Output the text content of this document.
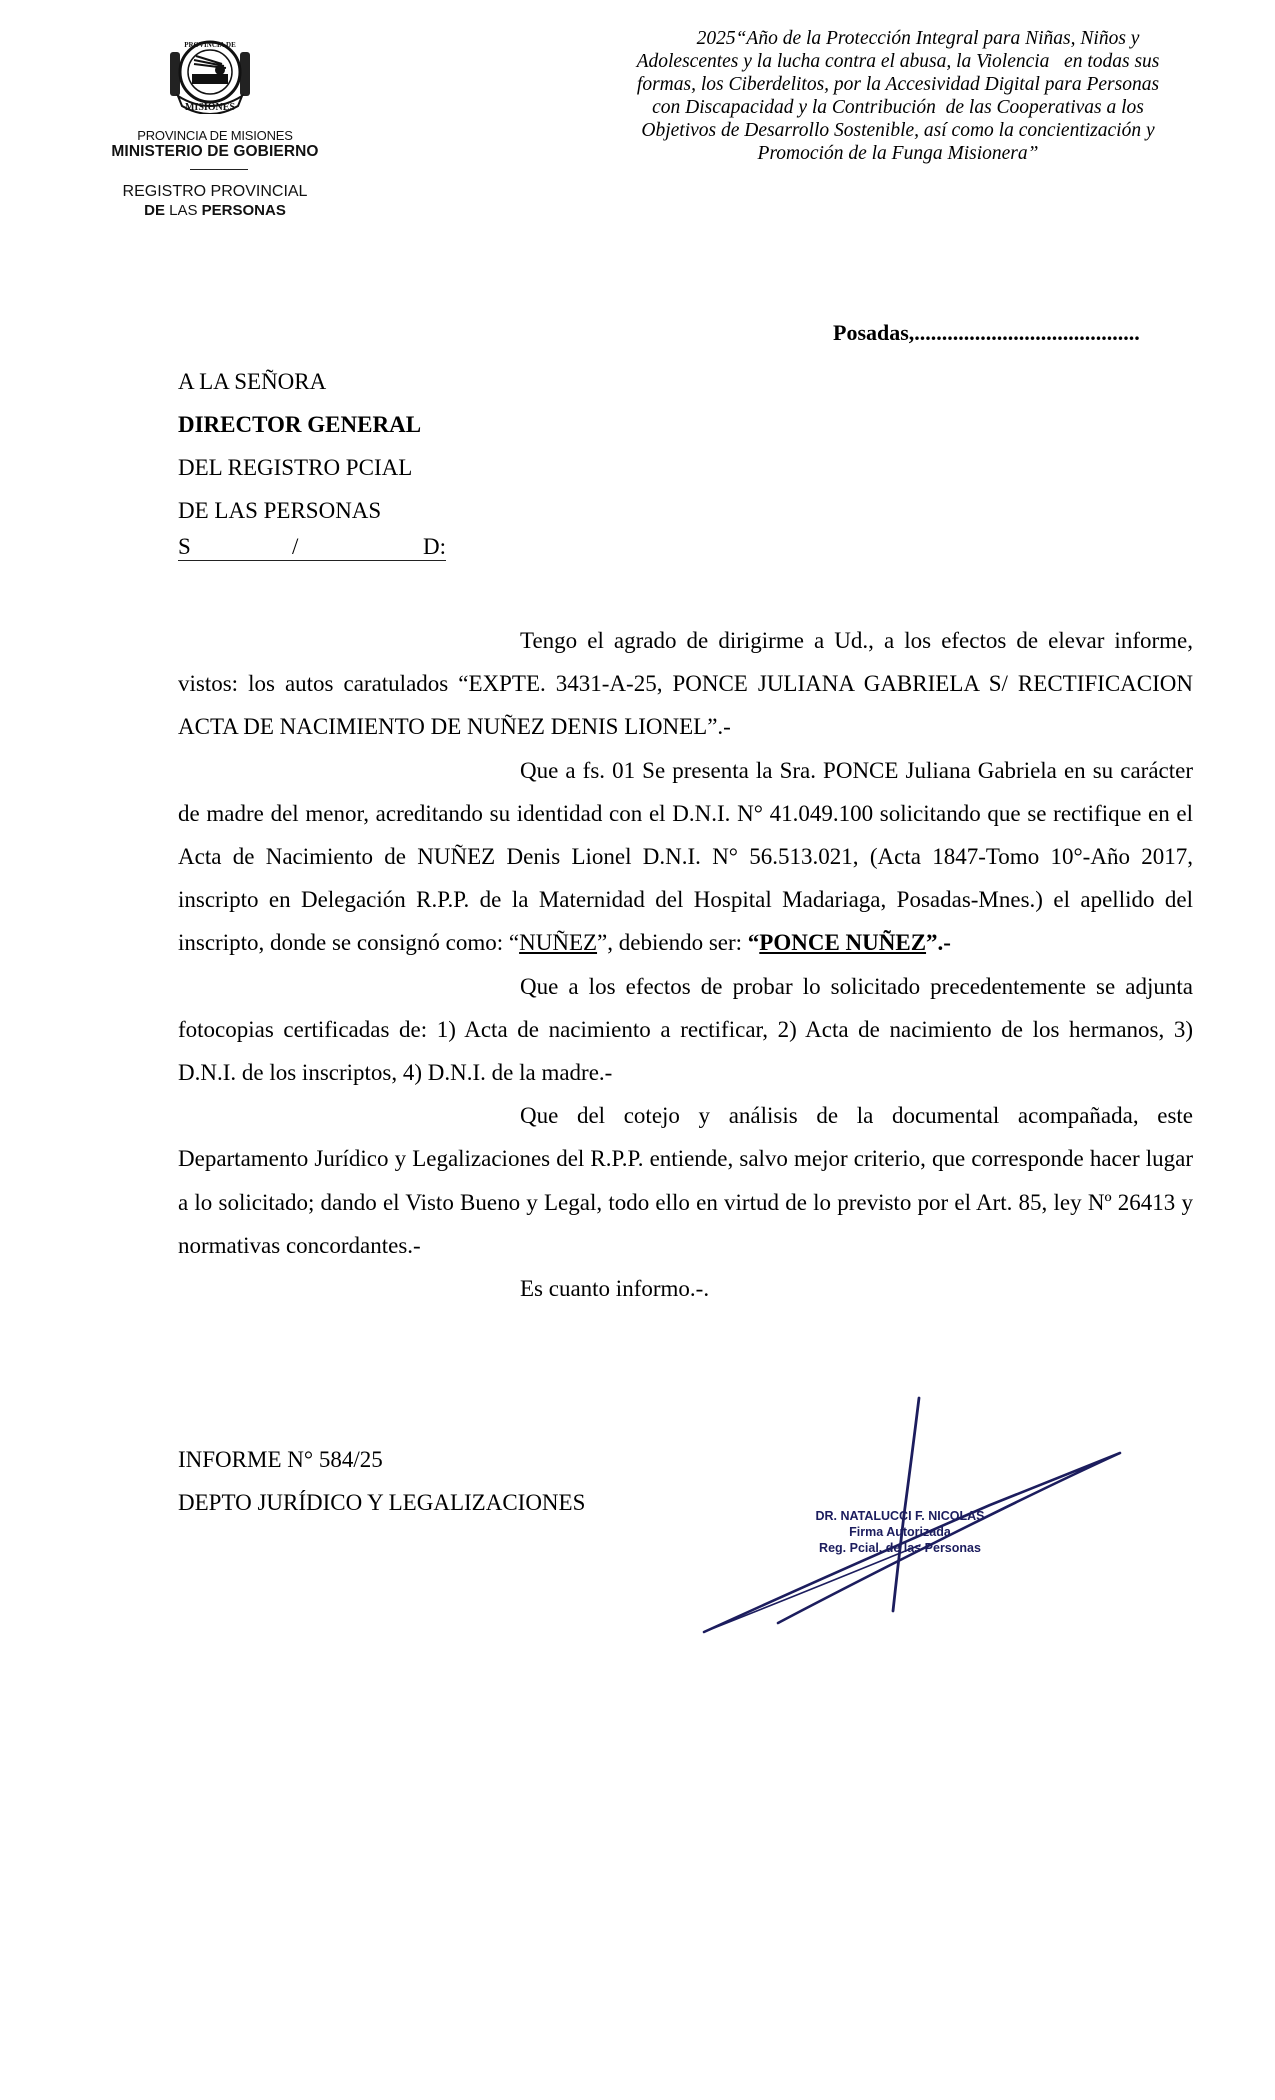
MISIONES
PROVINCIA DE
PROVINCIA DE MISIONES
MINISTERIO DE GOBIERNO
REGISTRO PROVINCIAL
DE LAS PERSONAS
2025“Año de la Protección Integral para Niñas, Niños y
Adolescentes y la lucha contra el abusa, la Violencia   en todas sus
formas, los Ciberdelitos, por la Accesividad Digital para Personas
con Discapacidad y la Contribución  de las Cooperativas a los
Objetivos de Desarrollo Sostenible, así como la concientización y
Promoción de la Funga Misionera”
Posadas,.........................................
A LA SEÑORA
DIRECTOR GENERAL
DEL REGISTRO PCIAL
DE LAS PERSONAS
S	/	D:

Tengo el agrado de dirigirme a Ud., a los efectos de elevar informe, vistos: los autos caratulados “EXPTE. 3431-A-25, PONCE JULIANA GABRIELA S/ RECTIFICACION ACTA DE NACIMIENTO DE NUÑEZ DENIS LIONEL”.-

Que a fs. 01 Se presenta la Sra. PONCE Juliana Gabriela en su carácter de madre del menor, acreditando su identidad con el D.N.I. N° 41.049.100 solicitando que se rectifique en el Acta de Nacimiento de NUÑEZ Denis Lionel D.N.I. N° 56.513.021, (Acta 1847-Tomo 10°-Año 2017, inscripto en Delegación R.P.P. de la Maternidad del Hospital Madariaga, Posadas-Mnes.) el apellido del inscripto, donde se consignó como: “NUÑEZ”, debiendo ser: “PONCE NUÑEZ”.-

Que a los efectos de probar lo solicitado precedentemente se adjunta fotocopias certificadas de: 1) Acta de nacimiento a rectificar, 2) Acta de nacimiento de los hermanos, 3) D.N.I. de los inscriptos, 4) D.N.I. de la madre.-

Que del cotejo y análisis de la documental acompañada, este Departamento Jurídico y Legalizaciones del R.P.P. entiende, salvo mejor criterio, que corresponde hacer lugar a lo solicitado; dando el Visto Bueno y Legal, todo ello en virtud de lo previsto por el Art. 85, ley Nº 26413 y normativas concordantes.-

Es cuanto informo.-.

INFORME N° 584/25
DEPTO JURÍDICO Y LEGALIZACIONES
DR. NATALUCCI F. NICOLAS
Firma Autorizada
Reg. Pcial. de las Personas
